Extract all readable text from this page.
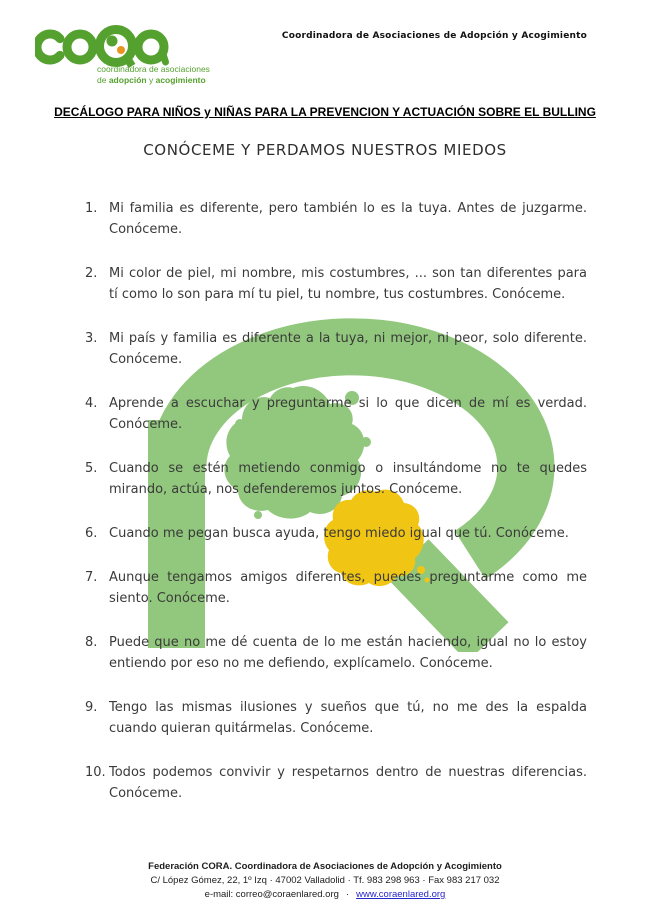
coordinadora de asociaciones
de adopción y acogimiento
Coordinadora de Asociaciones de Adopción y Acogimiento
DECÁLOGO PARA NIÑOS y NIÑAS PARA LA PREVENCION Y ACTUACIÓN SOBRE EL BULLING
CONÓCEME Y PERDAMOS NUESTROS MIEDOS
1. Mi familia es diferente, pero también lo es la tuya. Antes de juzgarme. Conóceme.
2. Mi color de piel, mi nombre, mis costumbres, ... son tan diferentes para tí como lo son para mí tu piel, tu nombre, tus costumbres. Conóceme.
3. Mi país y familia es diferente a la tuya, ni mejor, ni peor, solo diferente. Conóceme.
4. Aprende a escuchar y preguntarme si lo que dicen de mí es verdad. Conóceme.
5. Cuando se estén metiendo conmigo o insultándome no te quedes mirando, actúa, nos defenderemos juntos. Conóceme.
6. Cuando me pegan busca ayuda, tengo miedo igual que tú. Conóceme.
7. Aunque tengamos amigos diferentes, puedes preguntarme como me siento. Conóceme.
8. Puede que no me dé cuenta de lo me están haciendo, igual no lo estoy entiendo por eso no me defiendo, explícamelo. Conóceme.
9. Tengo las mismas ilusiones y sueños que tú, no me des la espalda cuando quieran quitármelas. Conóceme.
10. Todos podemos convivir y respetarnos dentro de nuestras diferencias. Conóceme.
Federación CORA. Coordinadora de Asociaciones de Adopción y Acogimiento
C/ López Gómez, 22, 1º Izq · 47002 Valladolid · Tf. 983 298 963 · Fax 983 217 032
e-mail: correo@coraenlared.org · www.coraenlared.org
